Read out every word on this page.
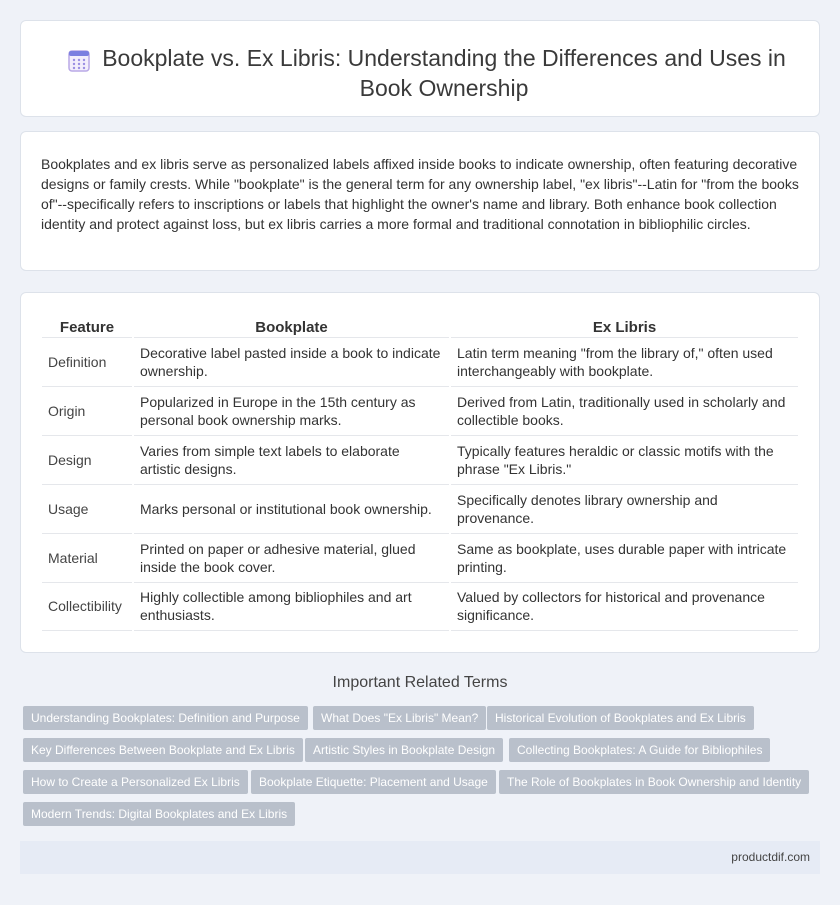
Bookplate vs. Ex Libris: Understanding the Differences and Uses in Book Ownership

Bookplates and ex libris serve as personalized labels affixed inside books to indicate ownership, often featuring decorative designs or family crests. While "bookplate" is the general term for any ownership label, "ex libris"--Latin for "from the books of"--specifically refers to inscriptions or labels that highlight the owner's name and library. Both enhance book collection identity and protect against loss, but ex libris carries a more formal and traditional connotation in bibliophilic circles.

Feature	Bookplate	Ex Libris
Definition	Decorative label pasted inside a book to indicate ownership.	Latin term meaning "from the library of," often used interchangeably with bookplate.
Origin	Popularized in Europe in the 15th century as personal book ownership marks.	Derived from Latin, traditionally used in scholarly and collectible books.
Design	Varies from simple text labels to elaborate artistic designs.	Typically features heraldic or classic motifs with the phrase "Ex Libris."
Usage	Marks personal or institutional book ownership.	Specifically denotes library ownership and provenance.
Material	Printed on paper or adhesive material, glued inside the book cover.	Same as bookplate, uses durable paper with intricate printing.
Collectibility	Highly collectible among bibliophiles and art enthusiasts.	Valued by collectors for historical and provenance significance.
Important Related Terms
Understanding Bookplates: Definition and Purpose	What Does "Ex Libris" Mean?	Historical Evolution of Bookplates and Ex Libris
Key Differences Between Bookplate and Ex Libris	Artistic Styles in Bookplate Design	Collecting Bookplates: A Guide for Bibliophiles
How to Create a Personalized Ex Libris	Bookplate Etiquette: Placement and Usage	The Role of Bookplates in Book Ownership and Identity
Modern Trends: Digital Bookplates and Ex Libris
productdif.com
